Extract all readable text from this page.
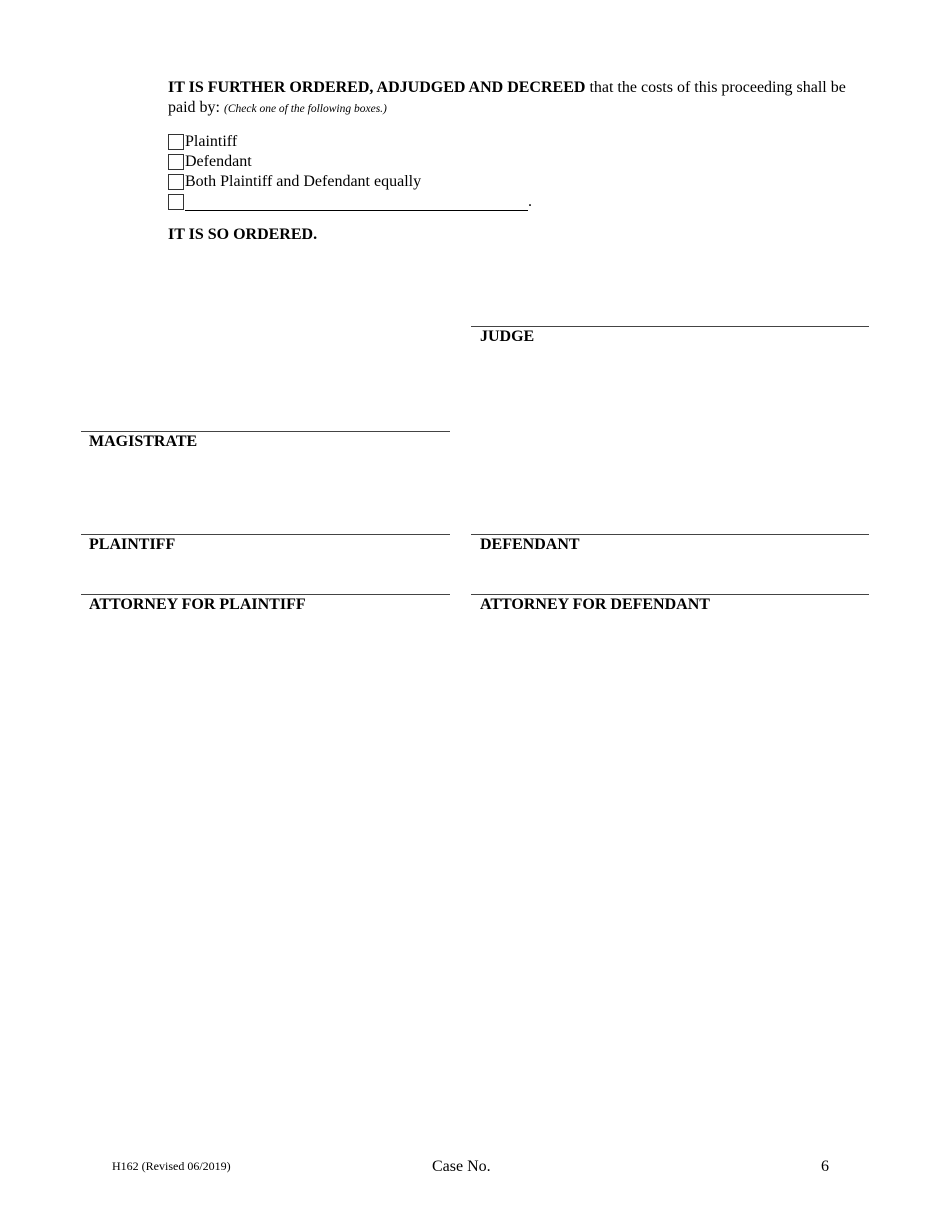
IT IS FURTHER ORDERED, ADJUDGED AND DECREED that the costs of this proceeding shall be paid by: (Check one of the following boxes.)
Plaintiff
Defendant
Both Plaintiff and Defendant equally
.
IT IS SO ORDERED.
JUDGE
MAGISTRATE
PLAINTIFF	DEFENDANT
ATTORNEY FOR PLAINTIFF	ATTORNEY FOR DEFENDANT
H162 (Revised 06/2019)	Case No.	6
